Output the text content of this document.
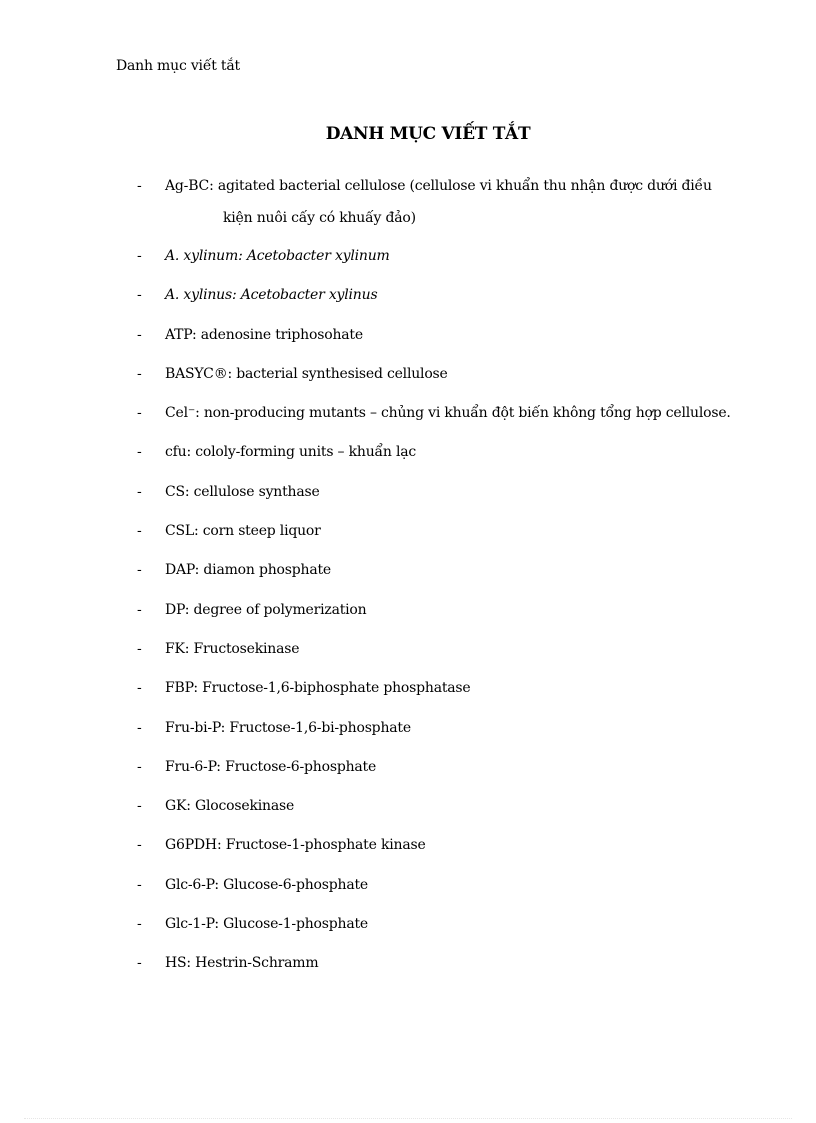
Danh mục viết tắt
DANH MỤC VIẾT TẮT
- Ag-BC: agitated bacterial cellulose (cellulose vi khuẩn thu nhận được dưới điều
kiện nuôi cấy có khuấy đảo)
- A. xylinum: Acetobacter xylinum
- A. xylinus: Acetobacter xylinus
- ATP: adenosine triphosohate
- BASYC®: bacterial synthesised cellulose
- Cel⁻: non-producing mutants – chủng vi khuẩn đột biến không tổng hợp cellulose.
- cfu: cololy-forming units – khuẩn lạc
- CS: cellulose synthase
- CSL: corn steep liquor
- DAP: diamon phosphate
- DP: degree of polymerization
- FK: Fructosekinase
- FBP: Fructose-1,6-biphosphate phosphatase
- Fru-bi-P: Fructose-1,6-bi-phosphate
- Fru-6-P: Fructose-6-phosphate
- GK: Glocosekinase
- G6PDH: Fructose-1-phosphate kinase
- Glc-6-P: Glucose-6-phosphate
- Glc-1-P: Glucose-1-phosphate
- HS: Hestrin-Schramm
